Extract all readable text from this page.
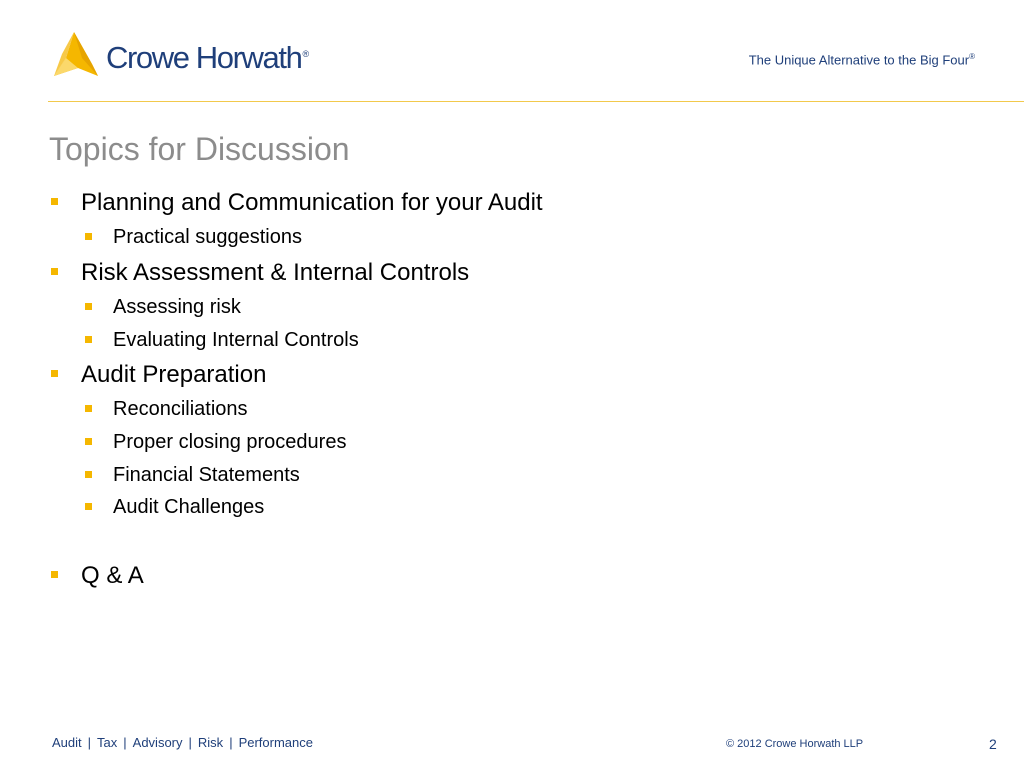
Crowe Horwath®	The Unique Alternative to the Big Four®
Topics for Discussion
Planning and Communication for your Audit
Practical suggestions
Risk Assessment & Internal Controls
Assessing risk
Evaluating Internal Controls
Audit Preparation
Reconciliations
Proper closing procedures
Financial Statements
Audit Challenges
Q & A
Audit | Tax | Advisory | Risk | Performance	© 2012 Crowe Horwath LLP	2
